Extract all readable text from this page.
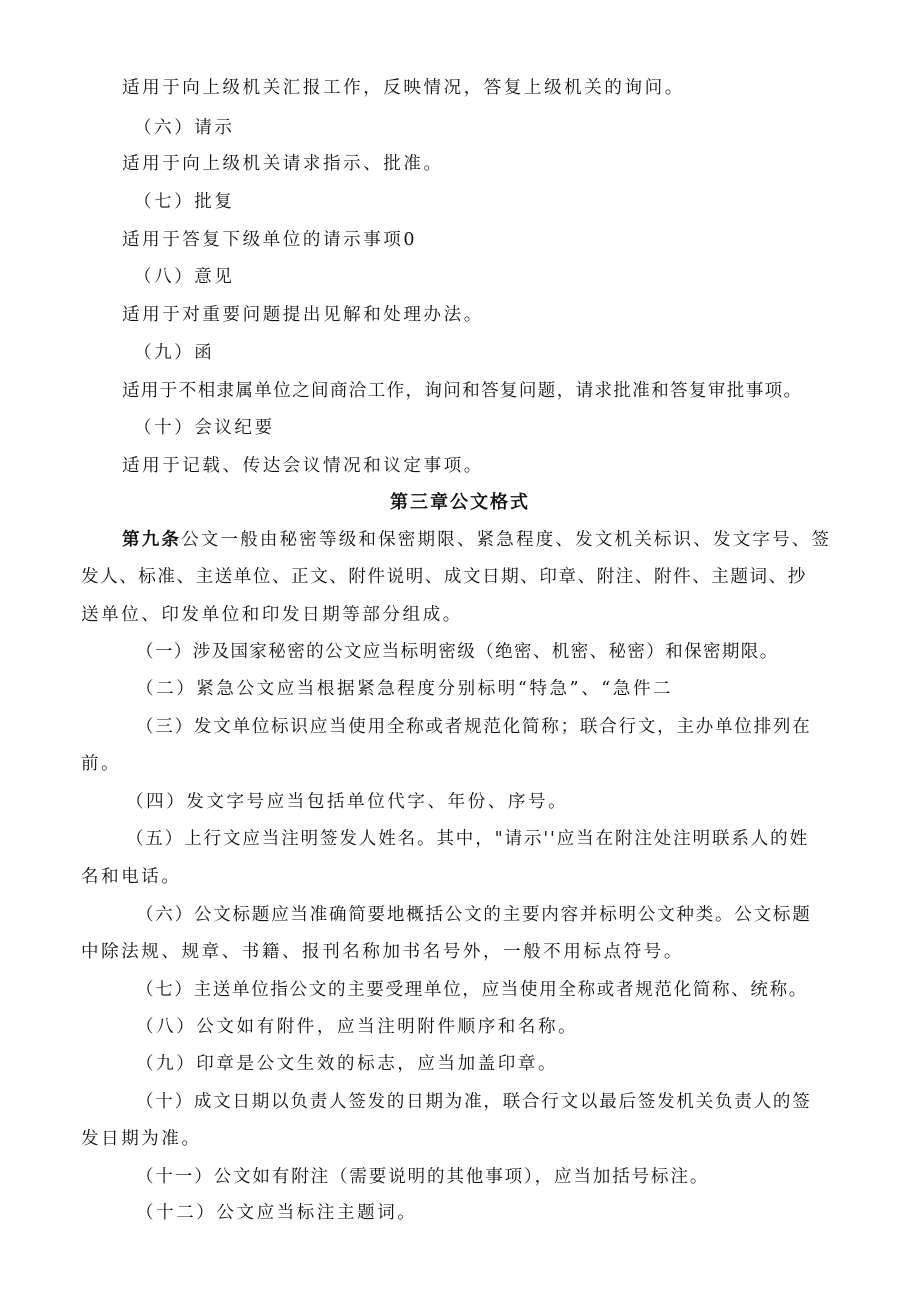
适用于向上级机关汇报工作，反映情况，答复上级机关的询问。
（六）请示
适用于向上级机关请求指示、批准。
（七）批复
适用于答复下级单位的请示事项0
（八）意见
适用于对重要问题提出见解和处理办法。
（九）函
适用于不相隶属单位之间商洽工作，询问和答复问题，请求批准和答复审批事项。
（十）会议纪要
适用于记载、传达会议情况和议定事项。
第三章公文格式
第九条公文一般由秘密等级和保密期限、紧急程度、发文机关标识、发文字号、签
发人、标准、主送单位、正文、附件说明、成文日期、印章、附注、附件、主题词、抄
送单位、印发单位和印发日期等部分组成。
（一）涉及国家秘密的公文应当标明密级（绝密、机密、秘密）和保密期限。
（二）紧急公文应当根据紧急程度分别标明“特急”、“急件二
（三）发文单位标识应当使用全称或者规范化简称；联合行文，主办单位排列在
前。
（四）发文字号应当包括单位代字、年份、序号。
（五）上行文应当注明签发人姓名。其中，"请示''应当在附注处注明联系人的姓
名和电话。
（六）公文标题应当准确简要地概括公文的主要内容并标明公文种类。公文标题
中除法规、规章、书籍、报刊名称加书名号外，一般不用标点符号。
（七）主送单位指公文的主要受理单位，应当使用全称或者规范化简称、统称。
（八）公文如有附件，应当注明附件顺序和名称。
（九）印章是公文生效的标志，应当加盖印章。
（十）成文日期以负责人签发的日期为准，联合行文以最后签发机关负责人的签
发日期为准。
（十一）公文如有附注（需要说明的其他事项），应当加括号标注。
（十二）公文应当标注主题词。
